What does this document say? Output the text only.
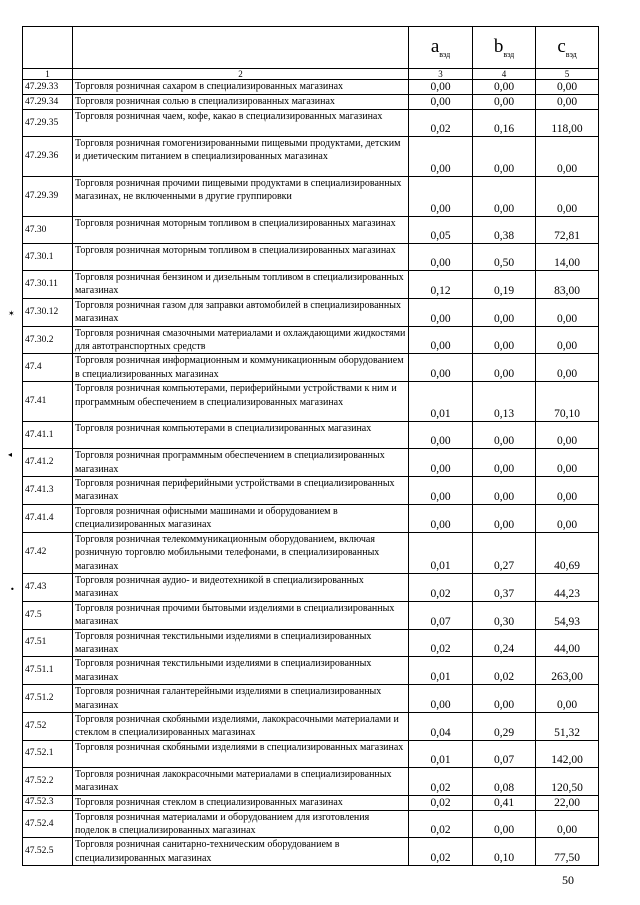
		$a_{вэд}$	$b_{вэд}$	$c_{вэд}$
1	2	3	4	5
47.29.33	Торговля розничная сахаром в специализированных магазинах	0,00	0,00	0,00
47.29.34	Торговля розничная солью в специализированных магазинах	0,00	0,00	0,00
47.29.35	Торговля розничная чаем, кофе, какао в специализированных магазинах	0,02	0,16	118,00
47.29.36	Торговля розничная гомогенизированными пищевыми продуктами, детским и диетическим питанием в специализированных магазинах	0,00	0,00	0,00
47.29.39	Торговля розничная прочими пищевыми продуктами в специализированных магазинах, не включенными в другие группировки	0,00	0,00	0,00
47.30	Торговля розничная моторным топливом в специализированных магазинах	0,05	0,38	72,81
47.30.1	Торговля розничная моторным топливом в специализированных магазинах	0,00	0,50	14,00
47.30.11	Торговля розничная бензином и дизельным топливом в специализированных магазинах	0,12	0,19	83,00
47.30.12	Торговля розничная газом для заправки автомобилей в специализированных магазинах	0,00	0,00	0,00
47.30.2	Торговля розничная смазочными материалами и охлаждающими жидкостями для автотранспортных средств	0,00	0,00	0,00
47.4	Торговля розничная информационным и коммуникационным оборудованием в специализированных магазинах	0,00	0,00	0,00
47.41	Торговля розничная компьютерами, периферийными устройствами к ним и программным обеспечением в специализированных магазинах	0,01	0,13	70,10
47.41.1	Торговля розничная компьютерами в специализированных магазинах	0,00	0,00	0,00
47.41.2	Торговля розничная программным обеспечением в специализированных магазинах	0,00	0,00	0,00
47.41.3	Торговля розничная периферийными устройствами в специализированных магазинах	0,00	0,00	0,00
47.41.4	Торговля розничная офисными машинами и оборудованием в специализированных магазинах	0,00	0,00	0,00
47.42	Торговля розничная телекоммуникационным оборудованием, включая розничную торговлю мобильными телефонами, в специализированных магазинах	0,01	0,27	40,69
47.43	Торговля розничная аудио- и видеотехникой в специализированных магазинах	0,02	0,37	44,23
47.5	Торговля розничная прочими бытовыми изделиями в специализированных магазинах	0,07	0,30	54,93
47.51	Торговля розничная текстильными изделиями в специализированных магазинах	0,02	0,24	44,00
47.51.1	Торговля розничная текстильными изделиями в специализированных магазинах	0,01	0,02	263,00
47.51.2	Торговля розничная галантерейными изделиями в специализированных магазинах	0,00	0,00	0,00
47.52	Торговля розничная скобяными изделиями, лакокрасочными материалами и стеклом в специализированных магазинах	0,04	0,29	51,32
47.52.1	Торговля розничная скобяными изделиями в специализированных магазинах	0,01	0,07	142,00
47.52.2	Торговля розничная лакокрасочными материалами в специализированных магазинах	0,02	0,08	120,50
47.52.3	Торговля розничная стеклом в специализированных магазинах	0,02	0,41	22,00
47.52.4	Торговля розничная материалами и оборудованием для изготовления поделок в специализированных магазинах	0,02	0,00	0,00
47.52.5	Торговля розничная санитарно-техническим оборудованием в специализированных магазинах	0,02	0,10	77,50
✶
◂
•
50
